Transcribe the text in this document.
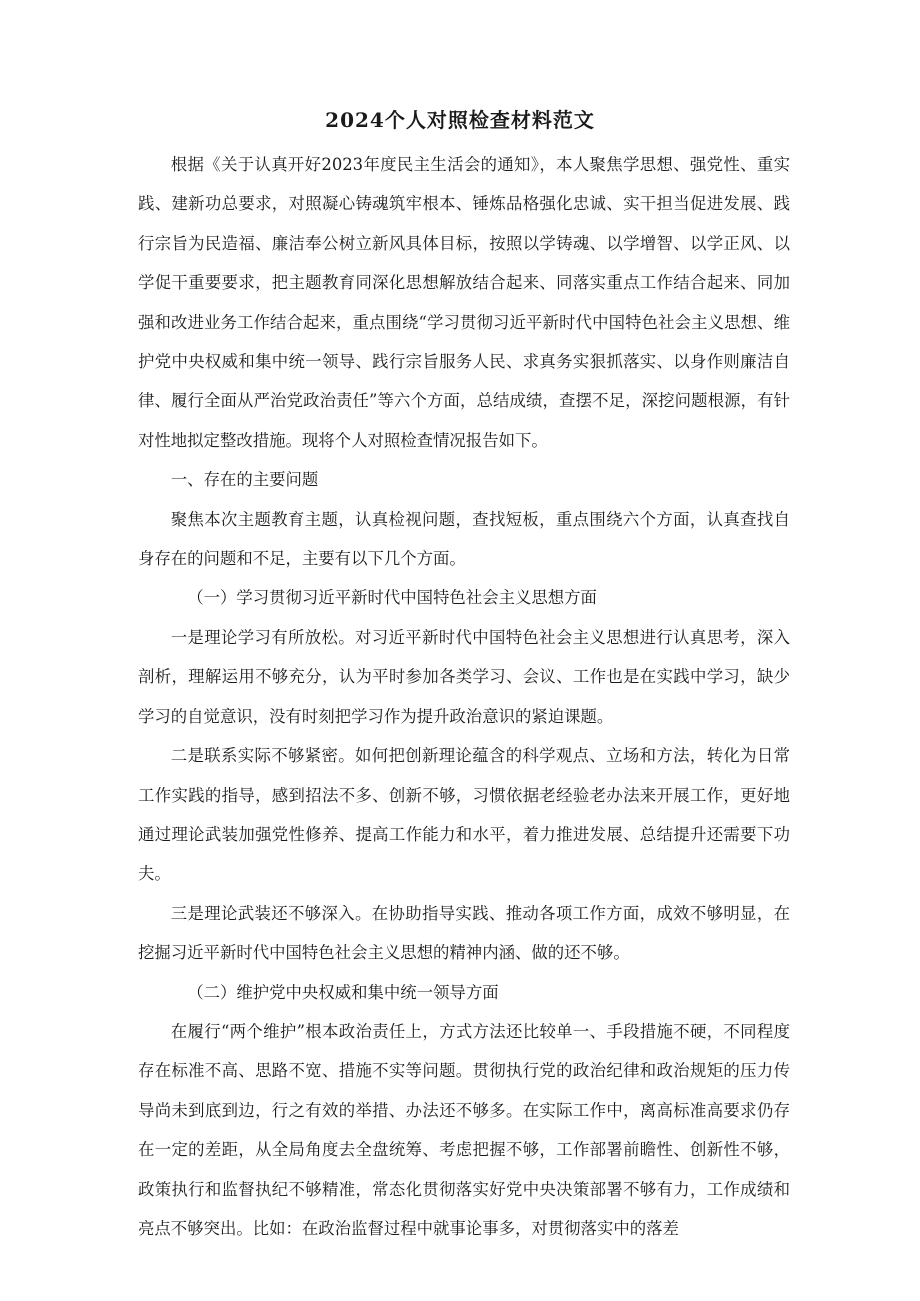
2024个人对照检查材料范文

根据《关于认真开好2023年度民主生活会的通知》，本人聚焦学思想、强党性、重实践、建新功总要求，对照凝心铸魂筑牢根本、锤炼品格强化忠诚、实干担当促进发展、践行宗旨为民造福、廉洁奉公树立新风具体目标，按照以学铸魂、以学增智、以学正风、以学促干重要要求，把主题教育同深化思想解放结合起来、同落实重点工作结合起来、同加强和改进业务工作结合起来，重点围绕“学习贯彻习近平新时代中国特色社会主义思想、维护党中央权威和集中统一领导、践行宗旨服务人民、求真务实狠抓落实、以身作则廉洁自律、履行全面从严治党政治责任”等六个方面，总结成绩，查摆不足，深挖问题根源，有针对性地拟定整改措施。现将个人对照检查情况报告如下。

一、存在的主要问题

聚焦本次主题教育主题，认真检视问题，查找短板，重点围绕六个方面，认真查找自身存在的问题和不足，主要有以下几个方面。

（一）学习贯彻习近平新时代中国特色社会主义思想方面

一是理论学习有所放松。对习近平新时代中国特色社会主义思想进行认真思考，深入剖析，理解运用不够充分，认为平时参加各类学习、会议、工作也是在实践中学习，缺少学习的自觉意识，没有时刻把学习作为提升政治意识的紧迫课题。

二是联系实际不够紧密。如何把创新理论蕴含的科学观点、立场和方法，转化为日常工作实践的指导，感到招法不多、创新不够，习惯依据老经验老办法来开展工作，更好地通过理论武装加强党性修养、提高工作能力和水平，着力推进发展、总结提升还需要下功夫。

三是理论武装还不够深入。在协助指导实践、推动各项工作方面，成效不够明显，在挖掘习近平新时代中国特色社会主义思想的精神内涵、做的还不够。

（二）维护党中央权威和集中统一领导方面

在履行“两个维护”根本政治责任上，方式方法还比较单一、手段措施不硬，不同程度存在标准不高、思路不宽、措施不实等问题。贯彻执行党的政治纪律和政治规矩的压力传导尚未到底到边，行之有效的举措、办法还不够多。在实际工作中，离高标准高要求仍存在一定的差距，从全局角度去全盘统筹、考虑把握不够，工作部署前瞻性、创新性不够，政策执行和监督执纪不够精准，常态化贯彻落实好党中央决策部署不够有力，工作成绩和亮点不够突出。比如：在政治监督过程中就事论事多，对贯彻落实中的落差
